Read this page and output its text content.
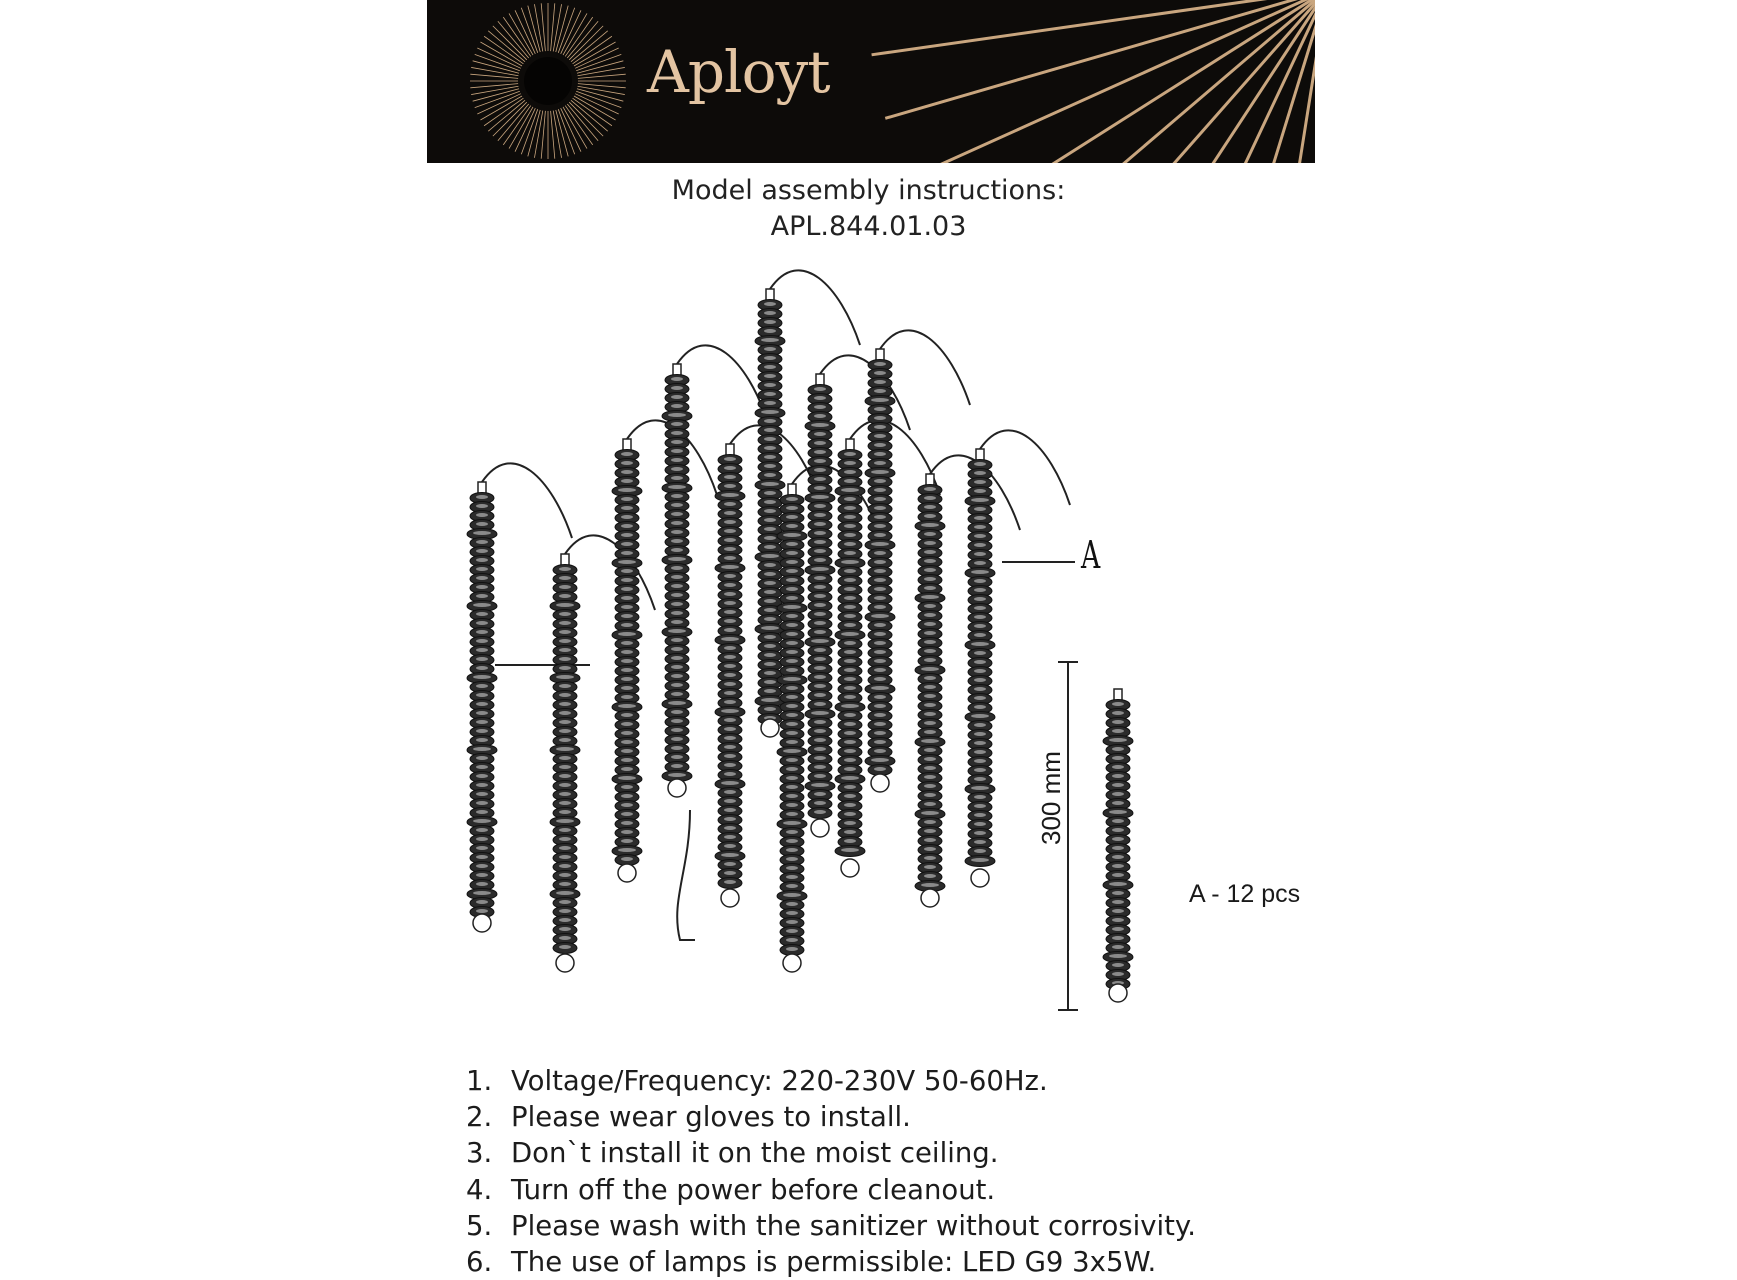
Aployt
Model assembly instructions:
APL.844.01.03
A
300 mm
A - 12 pcs
1. Voltage/Frequency: 220-230V 50-60Hz.
2. Please wear gloves to install.
3. Don`t install it on the moist ceiling.
4. Turn off the power before cleanout.
5. Please wash with the sanitizer without corrosivity.
6. The use of lamps is permissible: LED G9 3x5W.
